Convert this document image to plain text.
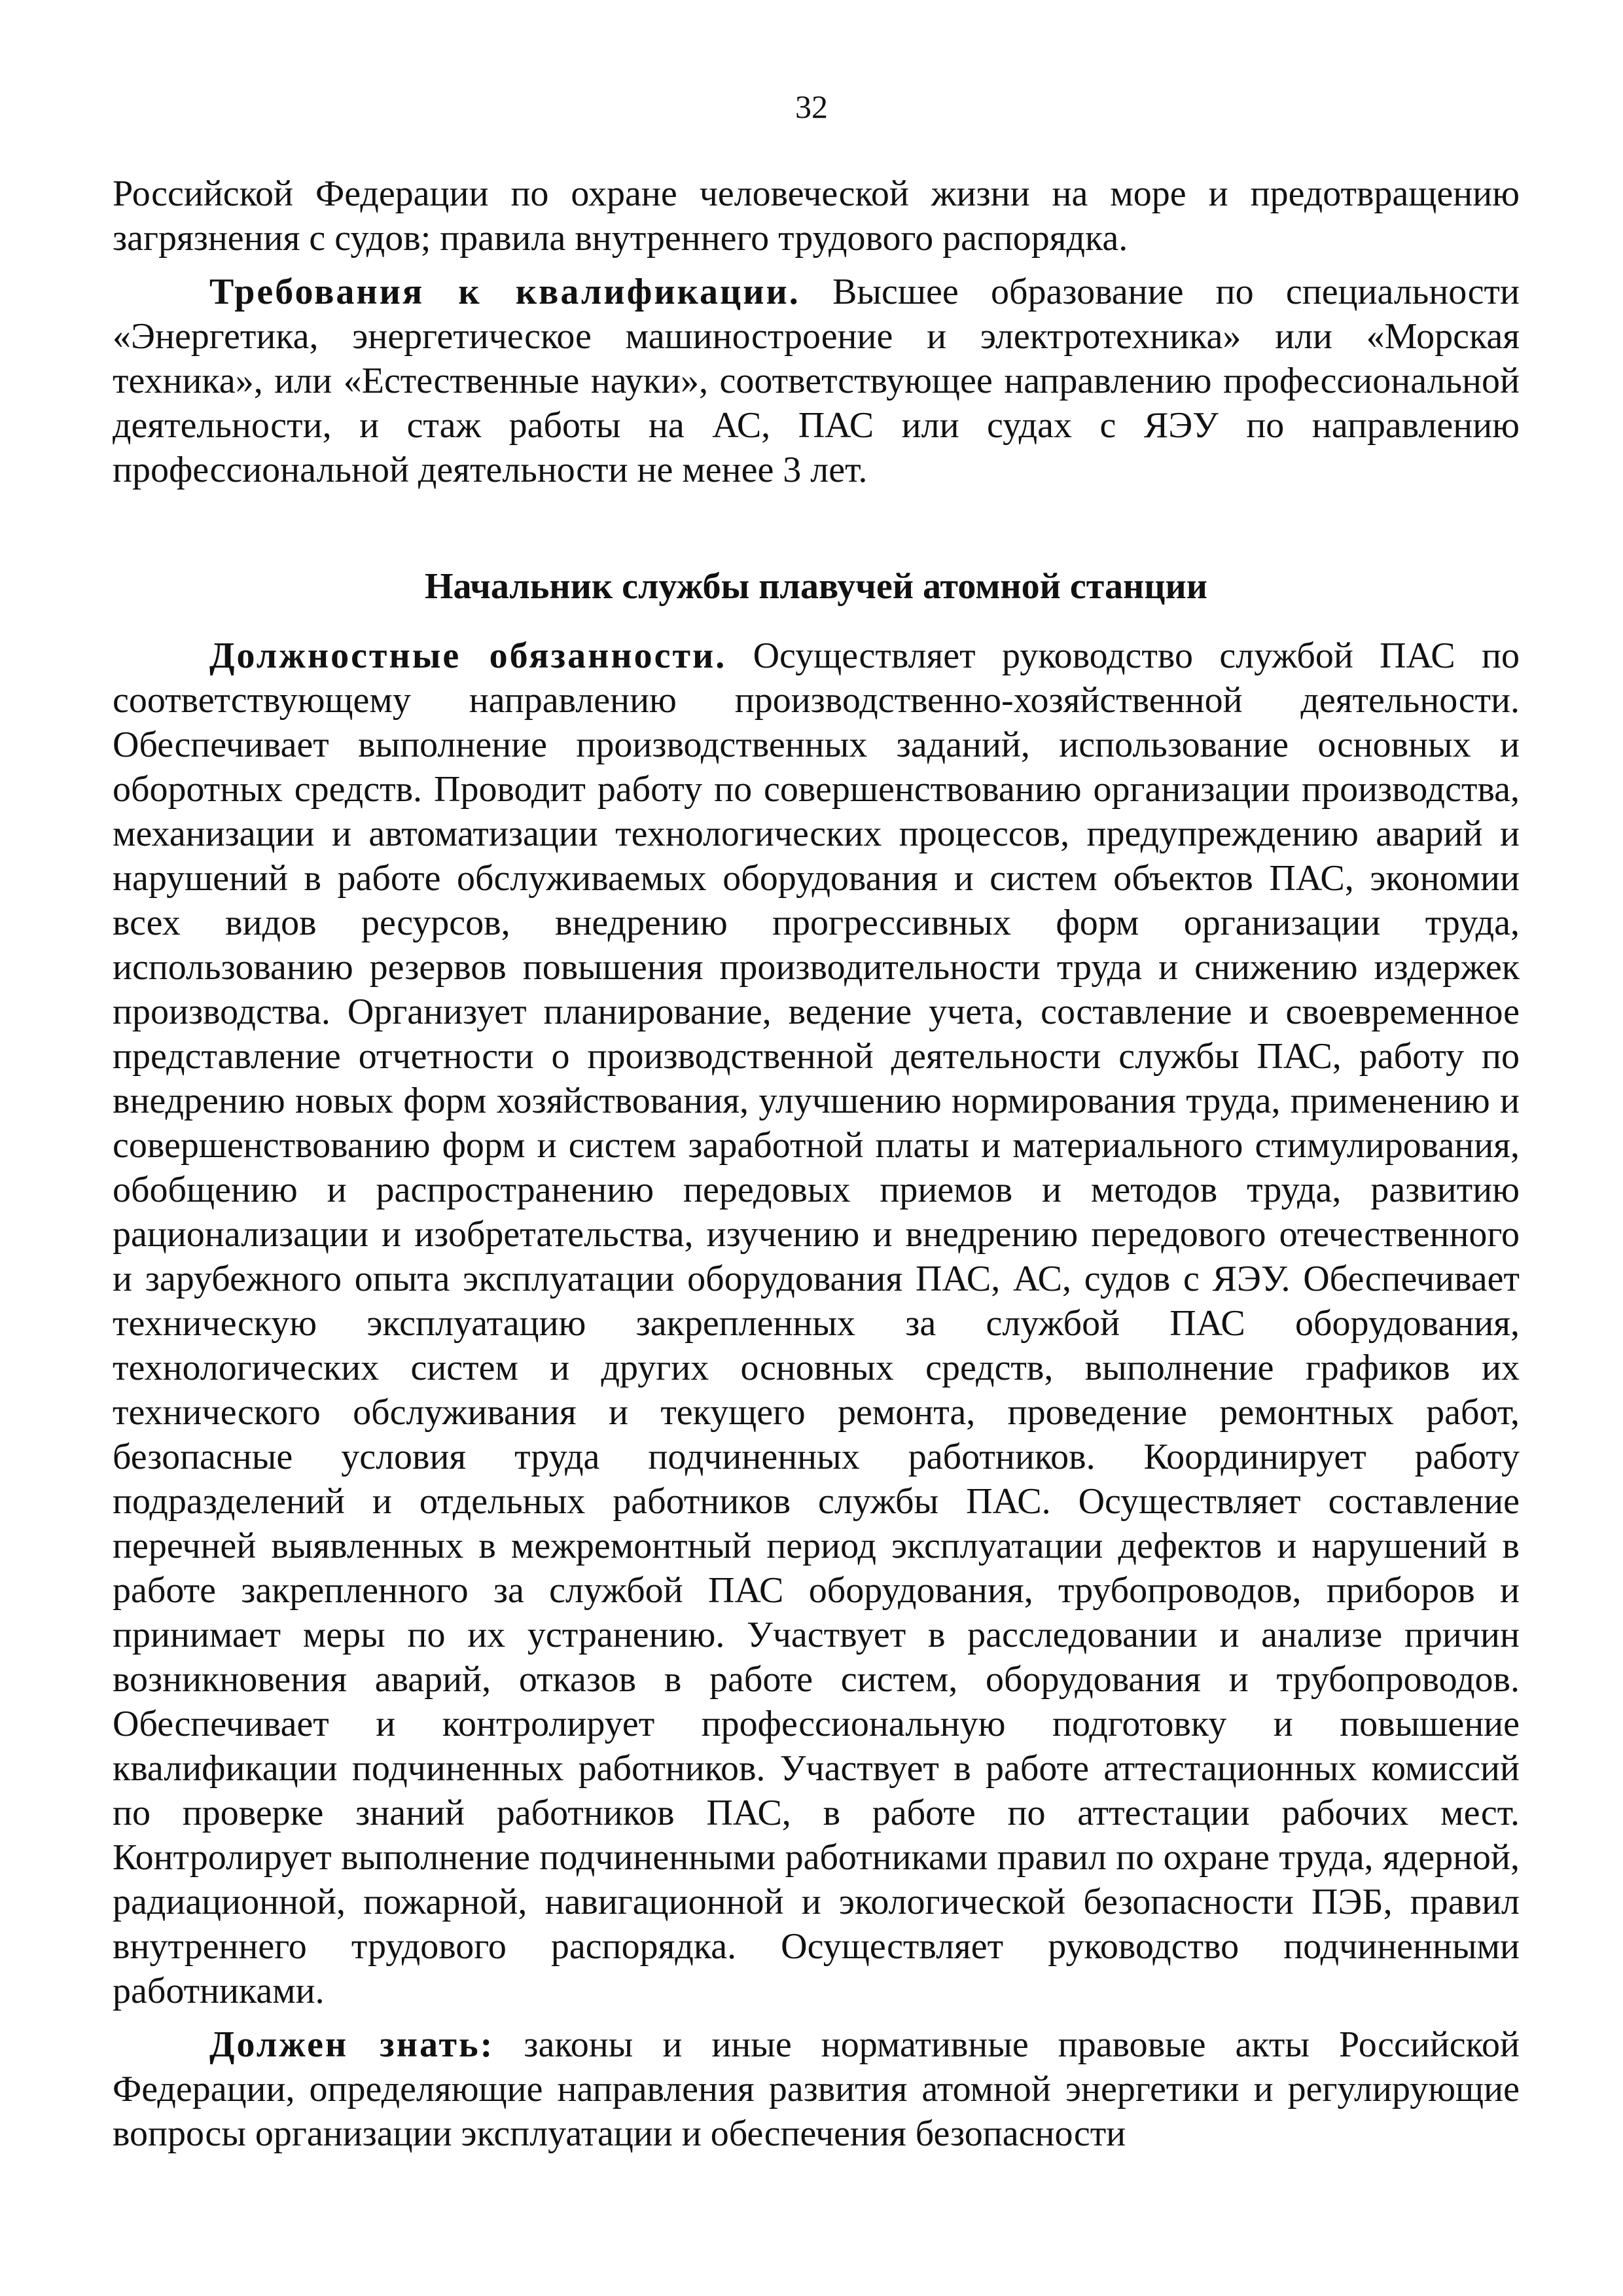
32

Российской Федерации по охране человеческой жизни на море и предотвращению загрязнения с судов; правила внутреннего трудового распорядка.

Требования к квалификации. Высшее образование по специальности «Энергетика, энергетическое машиностроение и электротехника» или «Морская техника», или «Естественные науки», соответствующее направлению профессиональной деятельности, и стаж работы на АС, ПАС или судах с ЯЭУ по направлению профессиональной деятельности не менее 3 лет.

Начальник службы плавучей атомной станции

Должностные обязанности. Осуществляет руководство службой ПАС по соответствующему направлению производственно-хозяйственной деятельности. Обеспечивает выполнение производственных заданий, использование основных и оборотных средств. Проводит работу по совершенствованию организации производства, механизации и автоматизации технологических процессов, предупреждению аварий и нарушений в работе обслуживаемых оборудования и систем объектов ПАС, экономии всех видов ресурсов, внедрению прогрессивных форм организации труда, использованию резервов повышения производительности труда и снижению издержек производства. Организует планирование, ведение учета, составление и своевременное представление отчетности о производственной деятельности службы ПАС, работу по внедрению новых форм хозяйствования, улучшению нормирования труда, применению и совершенствованию форм и систем заработной платы и материального стимулирования, обобщению и распространению передовых приемов и методов труда, развитию рационализации и изобретательства, изучению и внедрению передового отечественного и зарубежного опыта эксплуатации оборудования ПАС, АС, судов с ЯЭУ. Обеспечивает техническую эксплуатацию закрепленных за службой ПАС оборудования, технологических систем и других основных средств, выполнение графиков их технического обслуживания и текущего ремонта, проведение ремонтных работ, безопасные условия труда подчиненных работников. Координирует работу подразделений и отдельных работников службы ПАС. Осуществляет составление перечней выявленных в межремонтный период эксплуатации дефектов и нарушений в работе закрепленного за службой ПАС оборудования, трубопроводов, приборов и принимает меры по их устранению. Участвует в расследовании и анализе причин возникновения аварий, отказов в работе систем, оборудования и трубопроводов. Обеспечивает и контролирует профессиональную подготовку и повышение квалификации подчиненных работников. Участвует в работе аттестационных комиссий по проверке знаний работников ПАС, в работе по аттестации рабочих мест. Контролирует выполнение подчиненными работниками правил по охране труда, ядерной, радиационной, пожарной, навигационной и экологической безопасности ПЭБ, правил внутреннего трудового распорядка. Осуществляет руководство подчиненными работниками.

Должен знать: законы и иные нормативные правовые акты Российской Федерации, определяющие направления развития атомной энергетики и регулирующие вопросы организации эксплуатации и обеспечения безопасности
